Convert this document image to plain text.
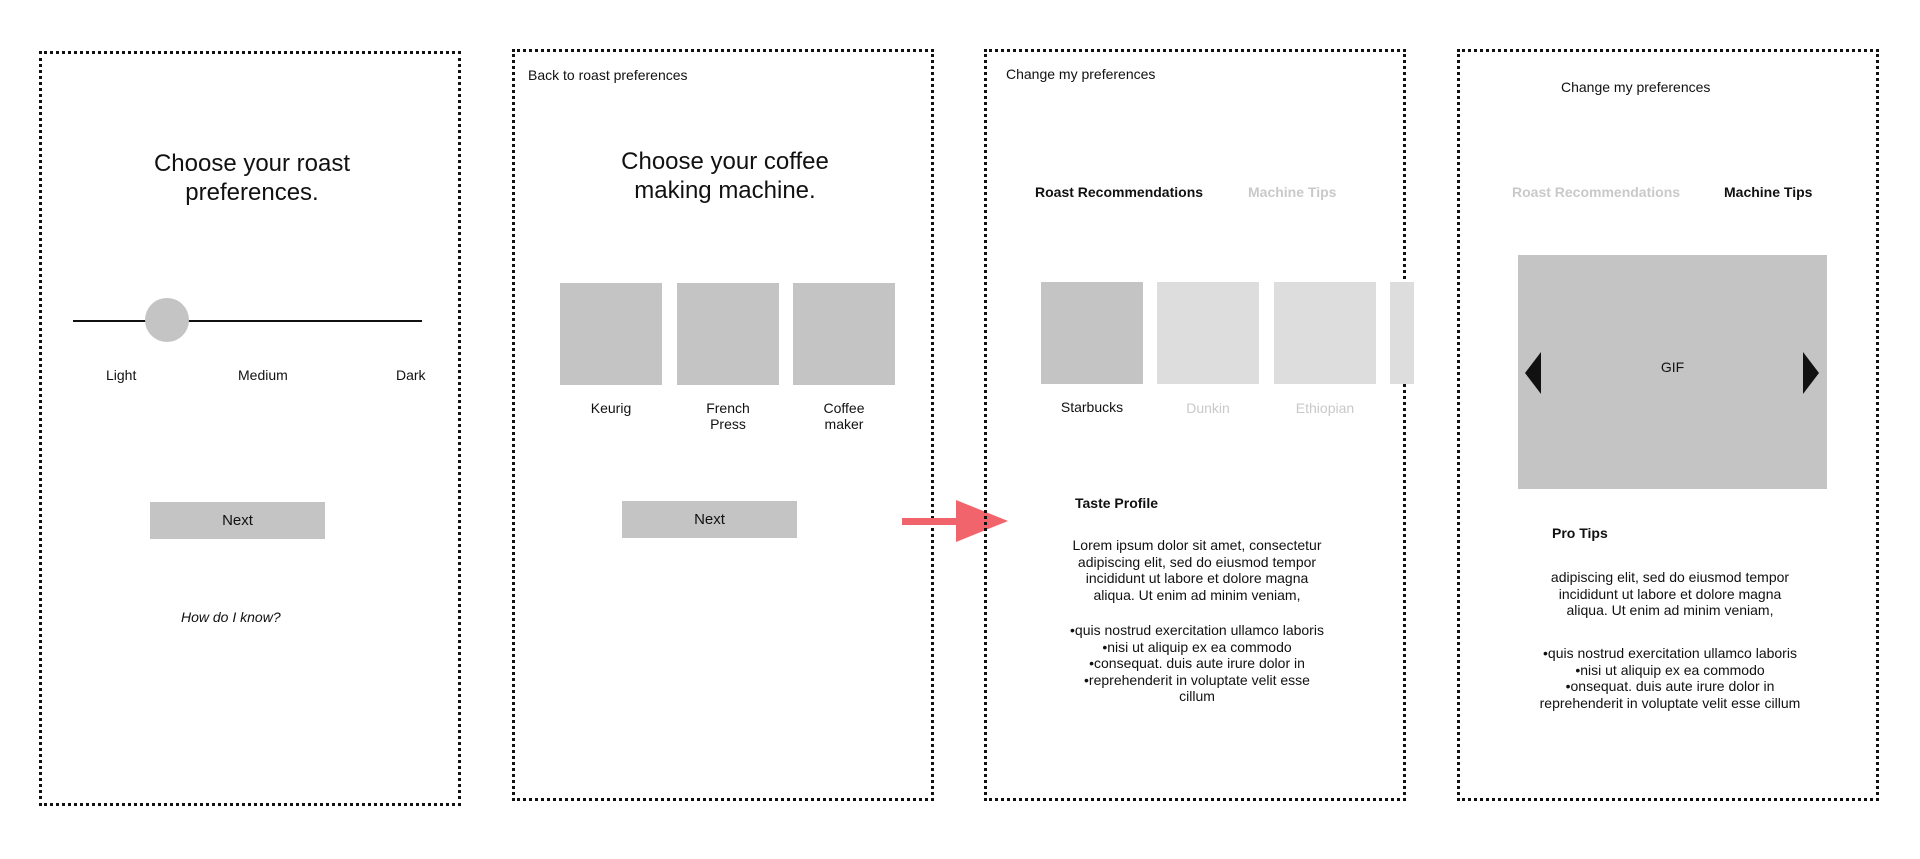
Choose your roast preferences.
Light	Medium	Dark
Next
How do I know?
Back to roast preferences
Choose your coffee making machine.
Keurig	French
Press
Coffee
maker
Next
Change my preferences
Roast Recommendations	Machine Tips
Starbucks	Dunkin	Ethiopian
Taste Profile
Lorem ipsum dolor sit amet, consectetur
adipiscing elit, sed do eiusmod tempor
incididunt ut labore et dolore magna
aliqua. Ut enim ad minim veniam,
•quis nostrud exercitation ullamco laboris
•nisi ut aliquip ex ea commodo
•consequat. duis aute irure dolor in
•reprehenderit in voluptate velit esse
cillum
Change my preferences
Roast Recommendations	Machine Tips
GIF
Pro Tips
adipiscing elit, sed do eiusmod tempor
incididunt ut labore et dolore magna
aliqua. Ut enim ad minim veniam,
•quis nostrud exercitation ullamco laboris
•nisi ut aliquip ex ea commodo
•onsequat. duis aute irure dolor in
reprehenderit in voluptate velit esse cillum
